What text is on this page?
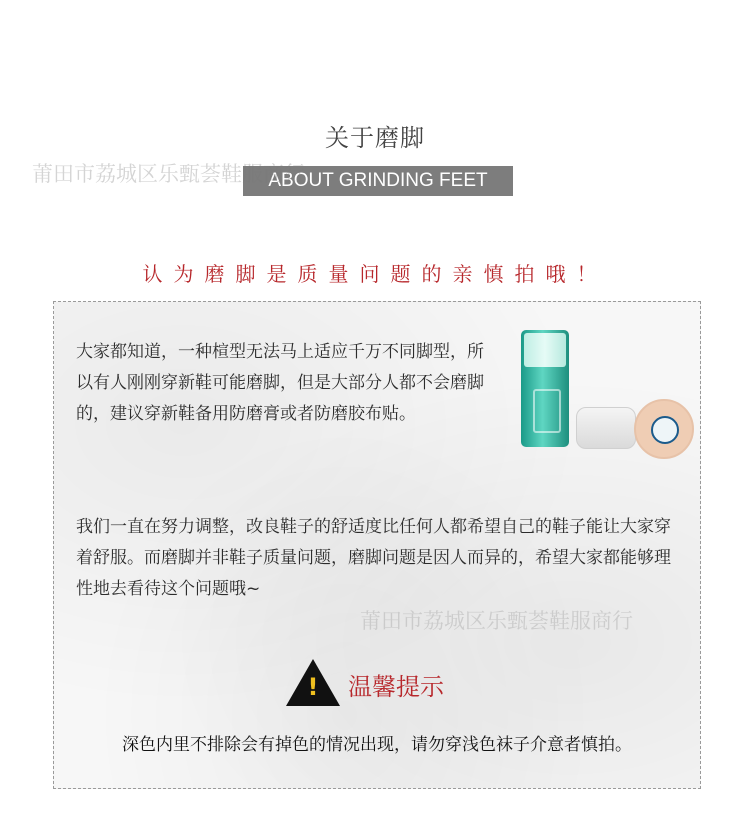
关于磨脚
ABOUT GRINDING FEET
莆田市荔城区乐甄荟鞋服商行
认为磨脚是质量问题的亲慎拍哦！
大家都知道，一种楦型无法马上适应千万不同脚型，所以有人刚刚穿新鞋可能磨脚，但是大部分人都不会磨脚的，建议穿新鞋备用防磨膏或者防磨胶布贴。
我们一直在努力调整，改良鞋子的舒适度比任何人都希望自己的鞋子能让大家穿着舒服。而磨脚并非鞋子质量问题，磨脚问题是因人而异的，希望大家都能够理性地去看待这个问题哦~
! 温馨提示
深色内里不排除会有掉色的情况出现，请勿穿浅色袜子介意者慎拍。
莆田市荔城区乐甄荟鞋服商行
